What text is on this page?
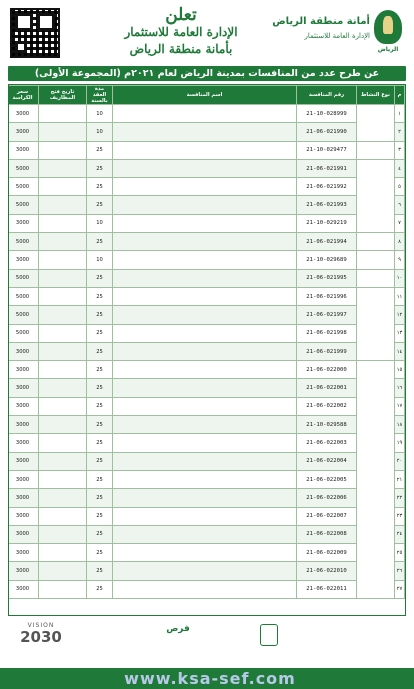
تعلن
الإدارة العامة للاستثمار
بأمانة منطقة الرياض	الرياض
أمانة منطقة الرياض
الإدارة العامة للاستثمار
عن طرح عدد من المنافسات بمدينة الرياض لعام ٢٠٢١م (المجموعة الأولى)
م	نوع النشاط	رقم المنافسة	اسم المنافسة	مدة العقد بالسنة	تاريخ فتح المظاريف	سعر الكراسة
١		21-10-028999		10		3000
٢		21-06-021990		10		3000
٣		21-10-029477		25		3000
٤		21-06-021991		25		5000
٥		21-06-021992		25		5000
٦		21-06-021993		25		5000
٧		21-10-029219		10		3000
٨		21-06-021994		25		5000
٩		21-10-029689		10		3000
١٠		21-06-021995		25		5000
١١		21-06-021996		25		5000
١٢		21-06-021997		25		5000
١٣		21-06-021998		25		5000
١٤		21-06-021999		25		3000
١٥		21-06-022000		25		3000
١٦		21-06-022001		25		3000
١٧		21-06-022002		25		3000
١٨		21-10-029588		25		3000
١٩		21-06-022003		25		3000
٢٠		21-06-022004		25		3000
٢١		21-06-022005		25		3000
٢٢		21-06-022006		25		3000
٢٣		21-06-022007		25		3000
٢٤		21-06-022008		25		3000
٢٥		21-06-022009		25		3000
٢٦		21-06-022010		25		3000
٢٧		21-06-022011		25		3000
VISION
2030	فرص
www.ksa-sef.com
